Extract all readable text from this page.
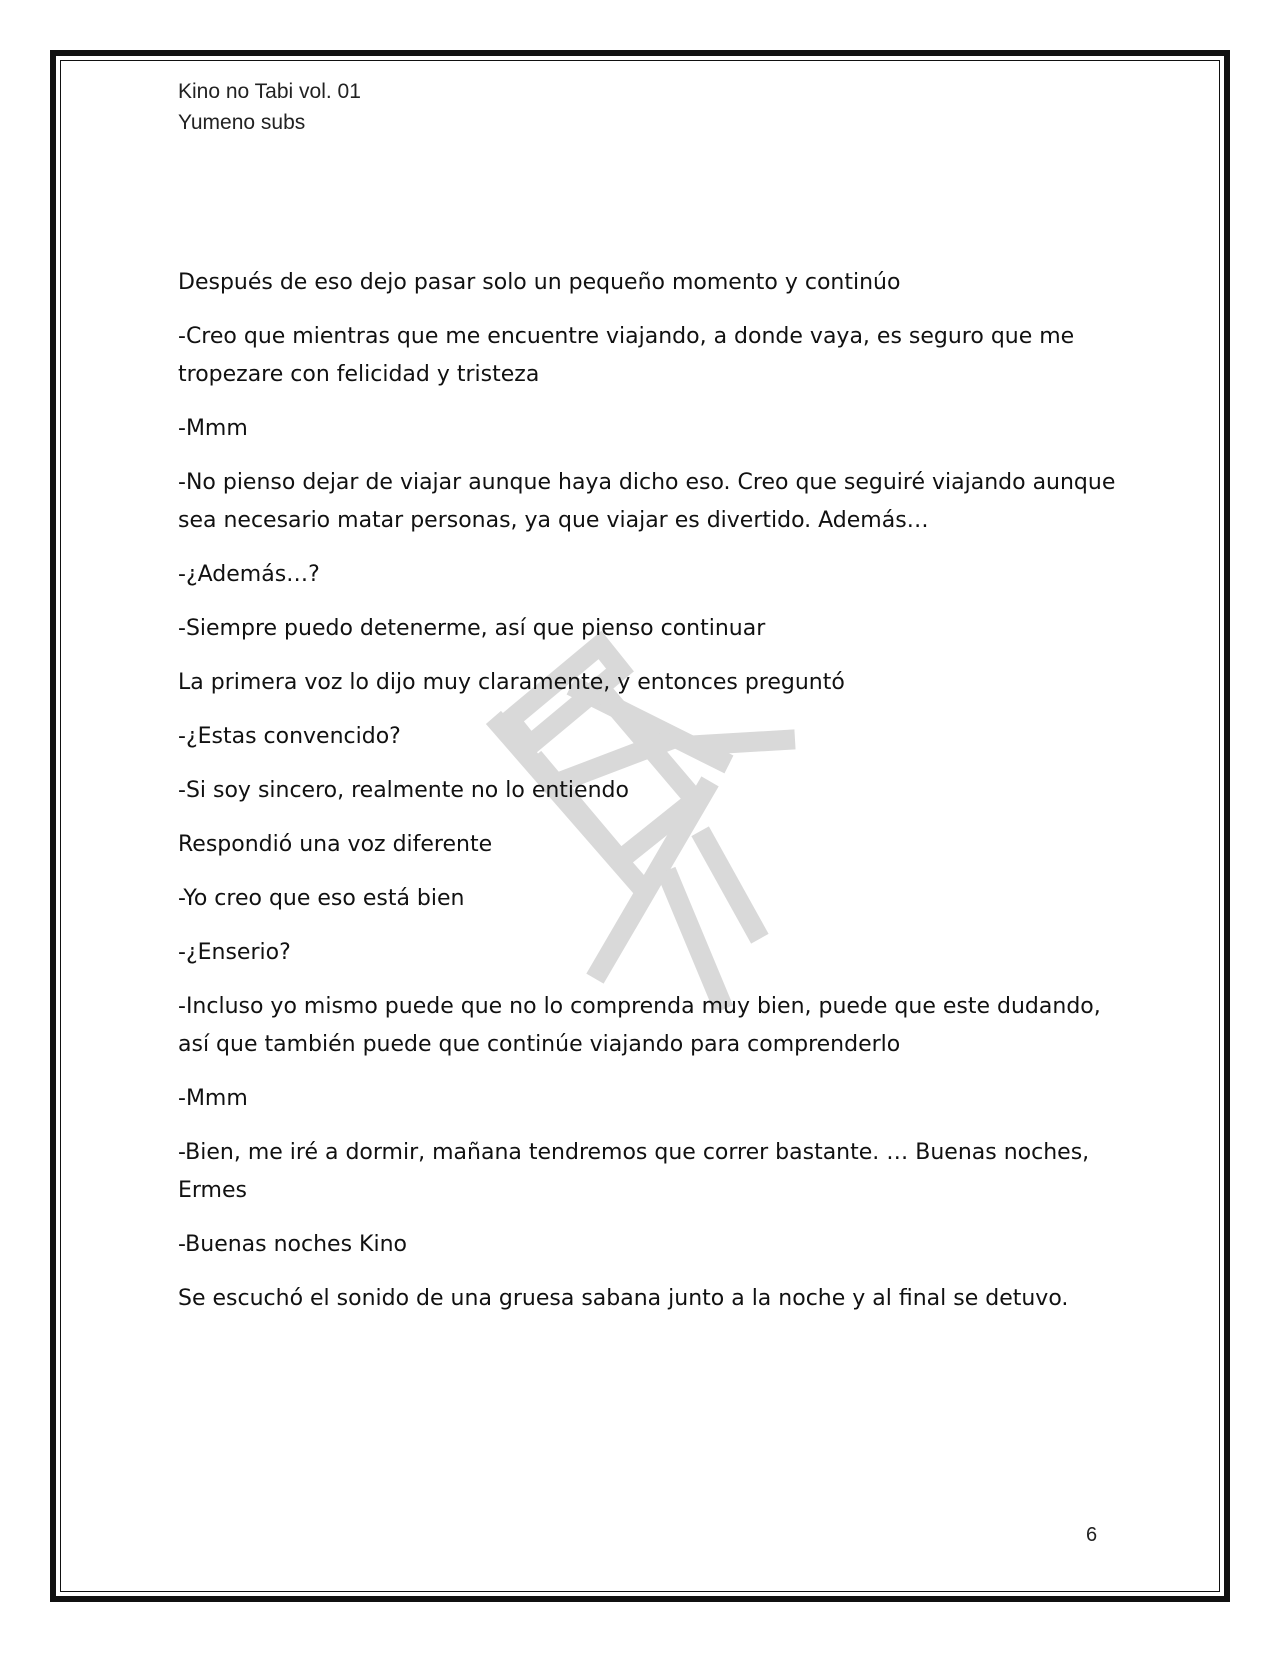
Kino no Tabi vol. 01
Yumeno subs

Después de eso dejo pasar solo un pequeño momento y continúo

-Creo que mientras que me encuentre viajando, a donde vaya, es seguro que me tropezare con felicidad y tristeza

-Mmm

-No pienso dejar de viajar aunque haya dicho eso. Creo que seguiré viajando aunque sea necesario matar personas, ya que viajar es divertido. Además…

-¿Además…?

-Siempre puedo detenerme, así que pienso continuar

La primera voz lo dijo muy claramente, y entonces preguntó

-¿Estas convencido?

-Si soy sincero, realmente no lo entiendo

Respondió una voz diferente

-Yo creo que eso está bien

-¿Enserio?

-Incluso yo mismo puede que no lo comprenda muy bien, puede que este dudando, así que también puede que continúe viajando para comprenderlo

-Mmm

-Bien, me iré a dormir, mañana tendremos que correr bastante. … Buenas noches, Ermes

-Buenas noches Kino

Se escuchó el sonido de una gruesa sabana junto a la noche y al final se detuvo.

6
